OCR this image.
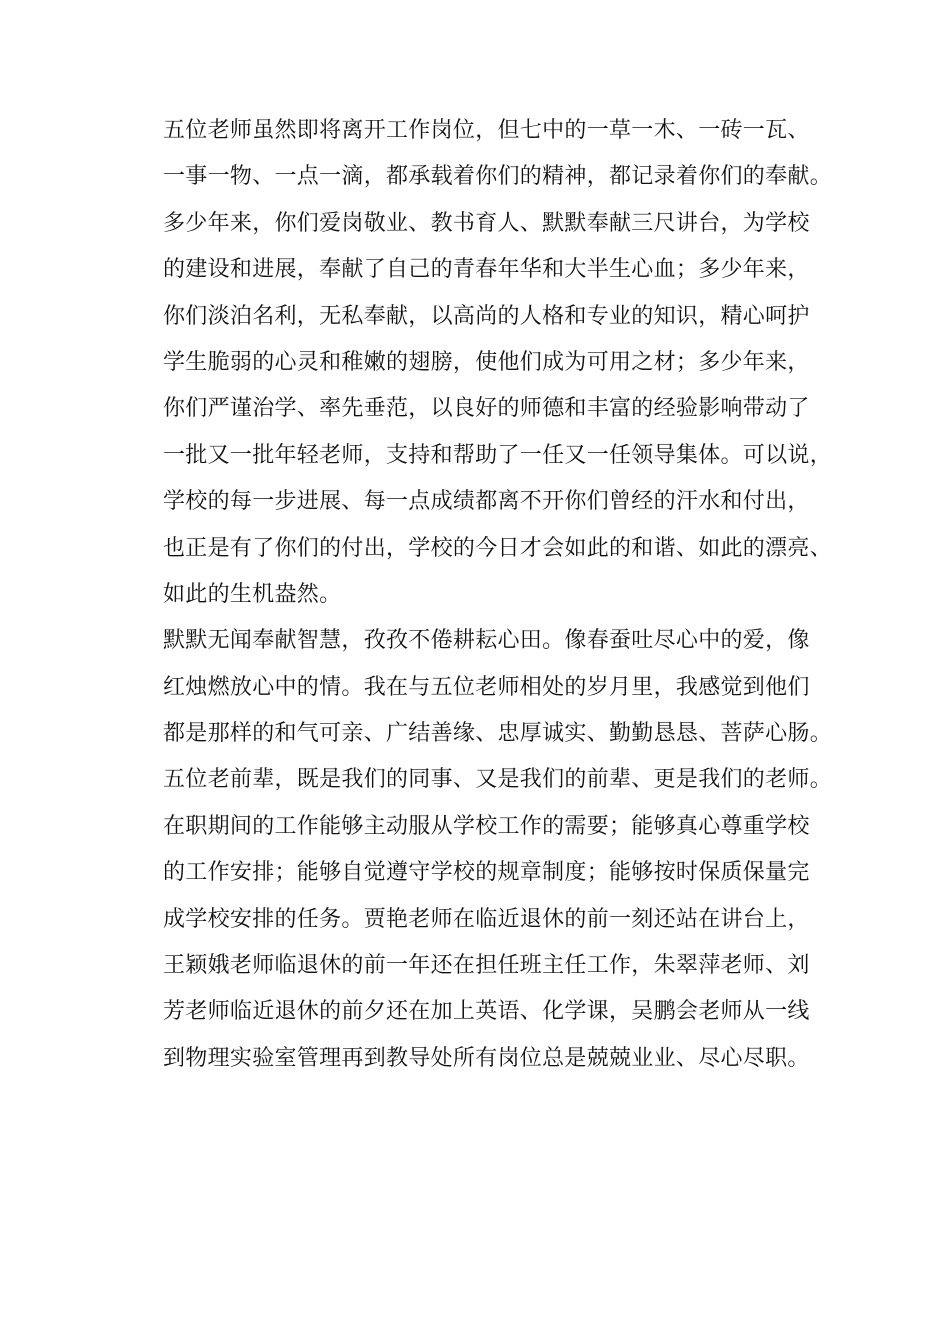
五位老师虽然即将离开工作岗位，但七中的一草一木、一砖一瓦、
一事一物、一点一滴，都承载着你们的精神，都记录着你们的奉献。
多少年来，你们爱岗敬业、教书育人、默默奉献三尺讲台，为学校
的建设和进展，奉献了自己的青春年华和大半生心血；多少年来，
你们淡泊名利，无私奉献，以高尚的人格和专业的知识，精心呵护
学生脆弱的心灵和稚嫩的翅膀，使他们成为可用之材；多少年来，
你们严谨治学、率先垂范，以良好的师德和丰富的经验影响带动了
一批又一批年轻老师，支持和帮助了一任又一任领导集体。可以说，
学校的每一步进展、每一点成绩都离不开你们曾经的汗水和付出，
也正是有了你们的付出，学校的今日才会如此的和谐、如此的漂亮、
如此的生机盎然。
默默无闻奉献智慧，孜孜不倦耕耘心田。像春蚕吐尽心中的爱，像
红烛燃放心中的情。我在与五位老师相处的岁月里，我感觉到他们
都是那样的和气可亲、广结善缘、忠厚诚实、勤勤恳恳、菩萨心肠。
五位老前辈，既是我们的同事、又是我们的前辈、更是我们的老师。
在职期间的工作能够主动服从学校工作的需要；能够真心尊重学校
的工作安排；能够自觉遵守学校的规章制度；能够按时保质保量完
成学校安排的任务。贾艳老师在临近退休的前一刻还站在讲台上，
王颖娥老师临退休的前一年还在担任班主任工作，朱翠萍老师、刘
芳老师临近退休的前夕还在加上英语、化学课，吴鹏会老师从一线
到物理实验室管理再到教导处所有岗位总是兢兢业业、尽心尽职。
